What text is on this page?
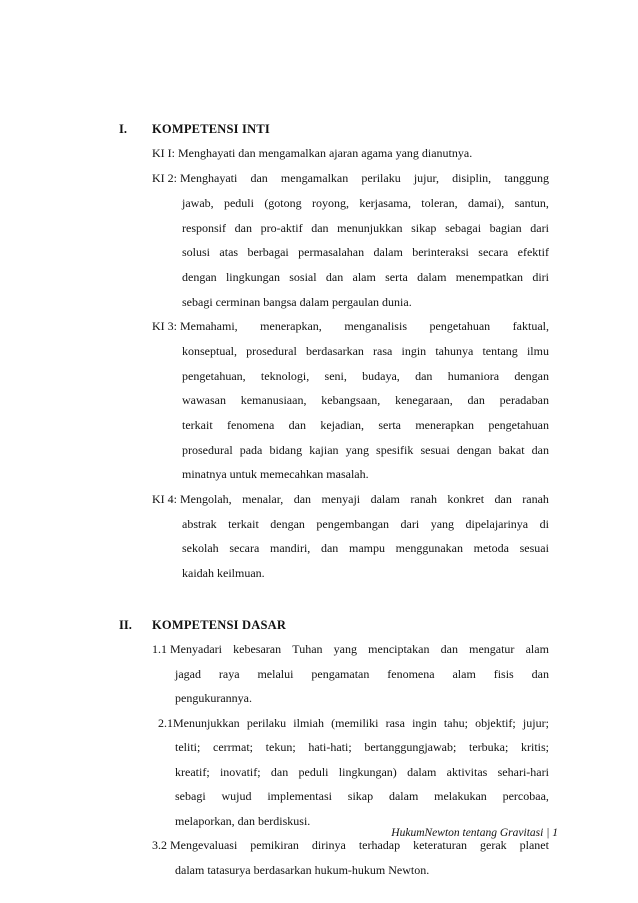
I. KOMPETENSI INTI
KI I: Menghayati dan mengamalkan ajaran agama yang dianutnya.
KI 2: Menghayati dan mengamalkan perilaku jujur, disiplin, tanggung
jawab, peduli (gotong royong, kerjasama, toleran, damai), santun,
responsif dan pro-aktif dan menunjukkan sikap sebagai bagian dari
solusi atas berbagai permasalahan dalam berinteraksi secara efektif
dengan lingkungan sosial dan alam serta dalam menempatkan diri
sebagi cerminan bangsa dalam pergaulan dunia.
KI 3: Memahami, menerapkan, menganalisis pengetahuan faktual,
konseptual, prosedural berdasarkan rasa ingin tahunya tentang ilmu
pengetahuan, teknologi, seni, budaya, dan humaniora dengan
wawasan kemanusiaan, kebangsaan, kenegaraan, dan peradaban
terkait fenomena dan kejadian, serta menerapkan pengetahuan
prosedural pada bidang kajian yang spesifik sesuai dengan bakat dan
minatnya untuk memecahkan masalah.
KI 4: Mengolah, menalar, dan menyaji dalam ranah konkret dan ranah
abstrak terkait dengan pengembangan dari yang dipelajarinya di
sekolah secara mandiri, dan mampu menggunakan metoda sesuai
kaidah keilmuan.
II. KOMPETENSI DASAR
1.1 Menyadari kebesaran Tuhan yang menciptakan dan mengatur alam
jagad raya melalui pengamatan fenomena alam fisis dan
pengukurannya.
2.1Menunjukkan perilaku ilmiah (memiliki rasa ingin tahu; objektif; jujur;
teliti; cerrmat; tekun; hati-hati; bertanggungjawab; terbuka; kritis;
kreatif; inovatif; dan peduli lingkungan) dalam aktivitas sehari-hari
sebagi wujud implementasi sikap dalam melakukan percobaa,
melaporkan, dan berdiskusi.
3.2 Mengevaluasi pemikiran dirinya terhadap keteraturan gerak planet
dalam tatasurya berdasarkan hukum-hukum Newton.
HukumNewton tentang Gravitasi | 1
